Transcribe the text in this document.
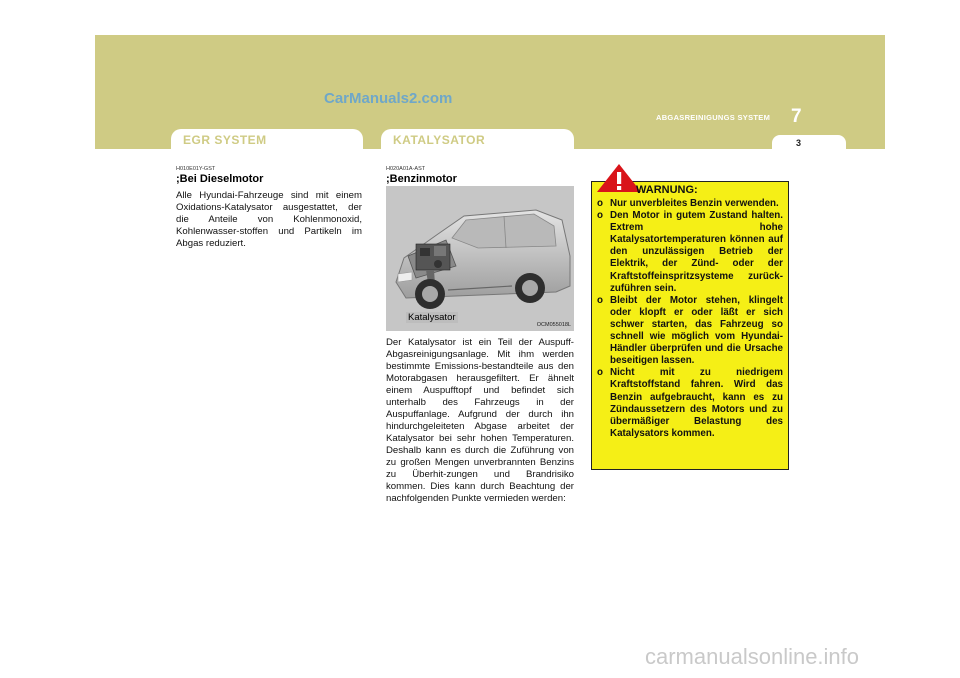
CarManuals2.com
ABGASREINIGUNGS SYSTEM 7
EGR SYSTEM	KATALYSATOR	3
H010E01Y-GST
;Bei Dieselmotor
Alle Hyundai-Fahrzeuge sind mit einem Oxidations-Katalysator ausgestattet, der die Anteile von Kohlenmonoxid, Kohlenwasser-stoffen und Partikeln im Abgas reduziert.
H020A01A-AST
;Benzinmotor
Katalysator
OCM055018L
Der Katalysator ist ein Teil der Auspuff-Abgasreinigungsanlage. Mit ihm werden bestimmte Emissions-bestandteile aus den Motorabgasen herausgefiltert. Er ähnelt einem Auspufftopf und befindet sich unterhalb des Fahrzeugs in der Auspuffanlage. Aufgrund der durch ihn hindurchgeleiteten Abgase arbeitet der Katalysator bei sehr hohen Temperaturen. Deshalb kann es durch die Zuführung von zu großen Mengen unverbrannten Benzins zu Überhit-zungen und Brandrisiko kommen. Dies kann durch Beachtung der nachfolgenden Punkte vermieden werden:
WARNUNG:
o Nur unverbleites Benzin verwenden.
o Den Motor in gutem Zustand halten. Extrem hohe Katalysatortemperaturen können auf den unzulässigen Betrieb der Elektrik, der Zünd- oder der Kraftstoffeinspritzsysteme zurück-zuführen sein.
o Bleibt der Motor stehen, klingelt oder klopft er oder läßt er sich schwer starten, das Fahrzeug so schnell wie möglich vom Hyundai-Händler überprüfen und die Ursache beseitigen lassen.
o Nicht mit zu niedrigem Kraftstoffstand fahren. Wird das Benzin aufgebraucht, kann es zu Zündaussetzern des Motors und zu übermäßiger Belastung des Katalysators kommen.
carmanualsonline.info
